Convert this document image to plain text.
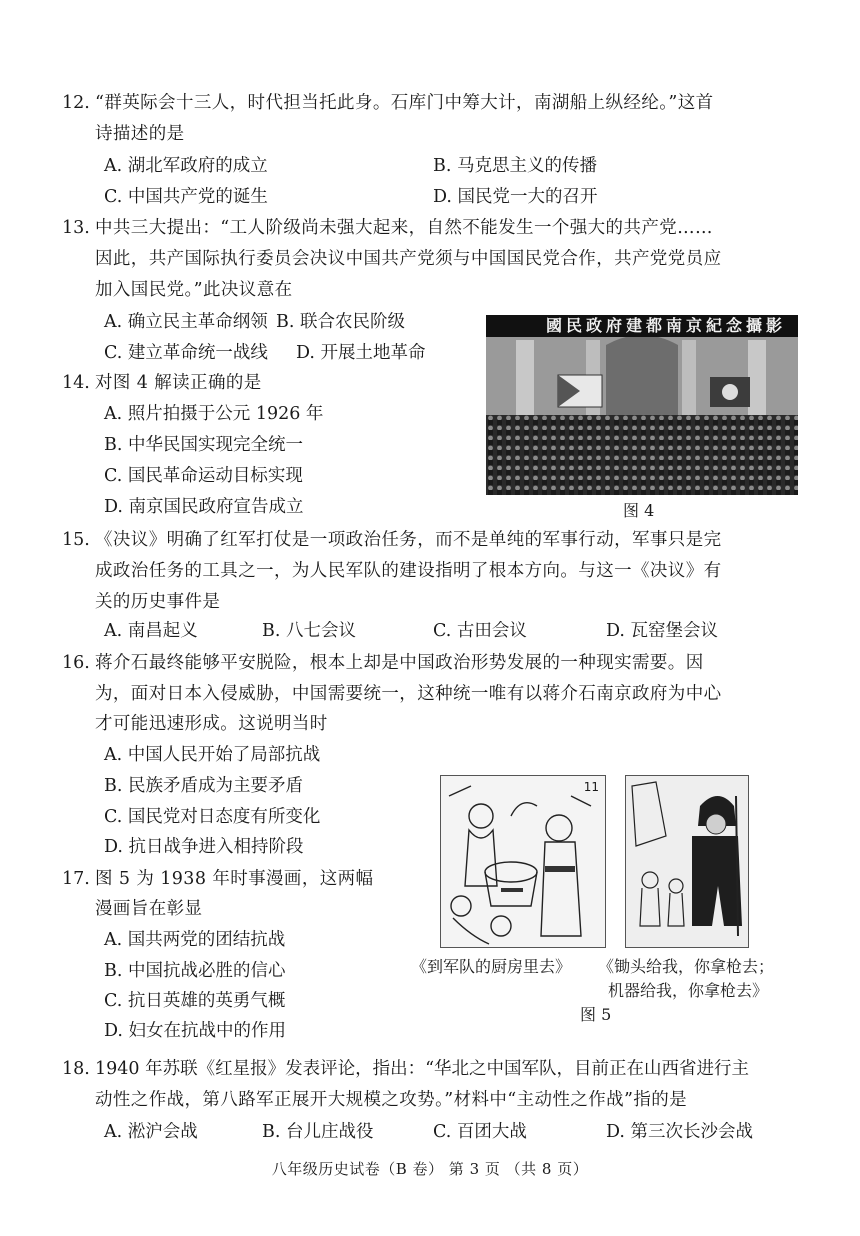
12. “群英际会十三人，时代担当托此身。石库门中筹大计，南湖船上纵经纶。”这首
诗描述的是
A. 湖北军政府的成立	B. 马克思主义的传播
C. 中国共产党的诞生	D. 国民党一大的召开
13. 中共三大提出：“工人阶级尚未强大起来，自然不能发生一个强大的共产党……
因此，共产国际执行委员会决议中国共产党须与中国国民党合作，共产党党员应
加入国民党。”此决议意在
A. 确立民主革命纲领 B. 联合农民阶级
C. 建立革命统一战线 D. 开展土地革命
14. 对图 4 解读正确的是
A. 照片拍摄于公元 1926 年
B. 中华民国实现完全统一
C. 国民革命运动目标实现
D. 南京国民政府宣告成立
國民政府建都南京紀念攝影
图 4
15. 《决议》明确了红军打仗是一项政治任务，而不是单纯的军事行动，军事只是完
成政治任务的工具之一，为人民军队的建设指明了根本方向。与这一《决议》有
关的历史事件是
A. 南昌起义	B. 八七会议	C. 古田会议	D. 瓦窑堡会议
16. 蒋介石最终能够平安脱险，根本上却是中国政治形势发展的一种现实需要。因
为，面对日本入侵威胁，中国需要统一，这种统一唯有以蒋介石南京政府为中心
才可能迅速形成。这说明当时
A. 中国人民开始了局部抗战
B. 民族矛盾成为主要矛盾
C. 国民党对日态度有所变化
D. 抗日战争进入相持阶段
17. 图 5 为 1938 年时事漫画，这两幅
漫画旨在彰显
A. 国共两党的团结抗战
B. 中国抗战必胜的信心
C. 抗日英雄的英勇气概
D. 妇女在抗战中的作用
11
《到军队的厨房里去》 《锄头给我，你拿枪去；
机器给我，你拿枪去》
图 5
18. 1940 年苏联《红星报》发表评论，指出：“华北之中国军队，目前正在山西省进行主
动性之作战，第八路军正展开大规模之攻势。”材料中“主动性之作战”指的是
A. 淞沪会战	B. 台儿庄战役	C. 百团大战	D. 第三次长沙会战
八年级历史试卷（B 卷） 第 3 页 （共 8 页）
